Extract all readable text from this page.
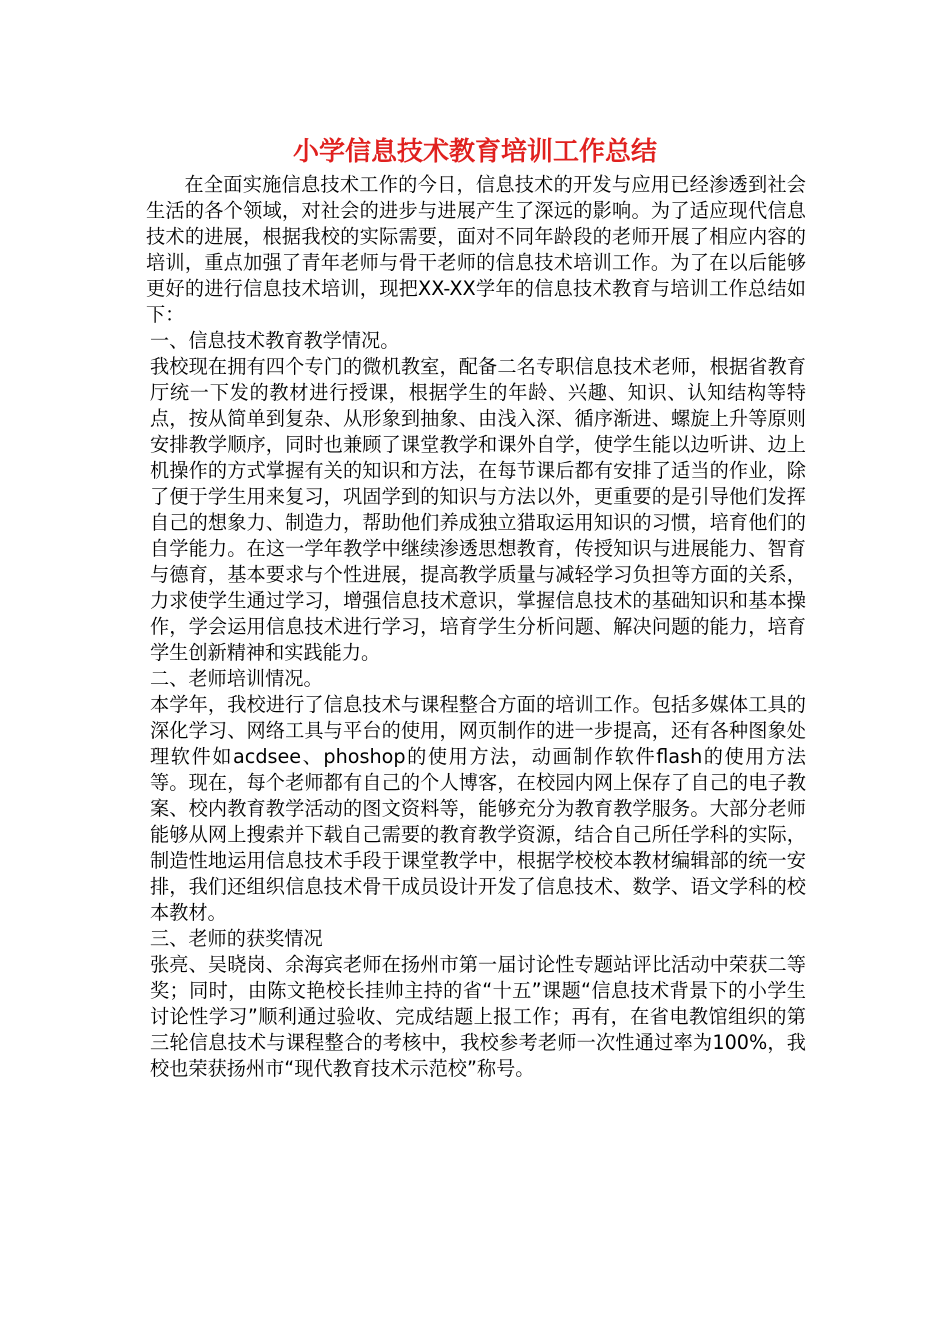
小学信息技术教育培训工作总结

在全面实施信息技术工作的今日，信息技术的开发与应用已经渗透到社会生活的各个领域，对社会的进步与进展产生了深远的影响。为了适应现代信息技术的进展，根据我校的实际需要，面对不同年龄段的老师开展了相应内容的培训，重点加强了青年老师与骨干老师的信息技术培训工作。为了在以后能够更好的进行信息技术培训，现把XX-XX学年的信息技术教育与培训工作总结如下：

一、信息技术教育教学情况。

我校现在拥有四个专门的微机教室，配备二名专职信息技术老师，根据省教育厅统一下发的教材进行授课，根据学生的年龄、兴趣、知识、认知结构等特点，按从简单到复杂、从形象到抽象、由浅入深、循序渐进、螺旋上升等原则安排教学顺序，同时也兼顾了课堂教学和课外自学，使学生能以边听讲、边上机操作的方式掌握有关的知识和方法，在每节课后都有安排了适当的作业，除了便于学生用来复习，巩固学到的知识与方法以外，更重要的是引导他们发挥自己的想象力、制造力，帮助他们养成独立猎取运用知识的习惯，培育他们的自学能力。在这一学年教学中继续渗透思想教育，传授知识与进展能力、智育与德育，基本要求与个性进展，提高教学质量与减轻学习负担等方面的关系，力求使学生通过学习，增强信息技术意识，掌握信息技术的基础知识和基本操作，学会运用信息技术进行学习，培育学生分析问题、解决问题的能力，培育学生创新精神和实践能力。

二、老师培训情况。

本学年，我校进行了信息技术与课程整合方面的培训工作。包括多媒体工具的深化学习、网络工具与平台的使用，网页制作的进一步提高，还有各种图象处理软件如acdsee、phoshop的使用方法，动画制作软件flash的使用方法等。现在，每个老师都有自己的个人博客，在校园内网上保存了自己的电子教案、校内教育教学活动的图文资料等，能够充分为教育教学服务。大部分老师能够从网上搜索并下载自己需要的教育教学资源，结合自己所任学科的实际，制造性地运用信息技术手段于课堂教学中，根据学校校本教材编辑部的统一安排，我们还组织信息技术骨干成员设计开发了信息技术、数学、语文学科的校本教材。

三、老师的获奖情况

张亮、吴晓岗、余海宾老师在扬州市第一届讨论性专题站评比活动中荣获二等奖；同时，由陈文艳校长挂帅主持的省“十五”课题“信息技术背景下的小学生讨论性学习”顺利通过验收、完成结题上报工作；再有，在省电教馆组织的第三轮信息技术与课程整合的考核中，我校参考老师一次性通过率为100%，我校也荣获扬州市“现代教育技术示范校”称号。
